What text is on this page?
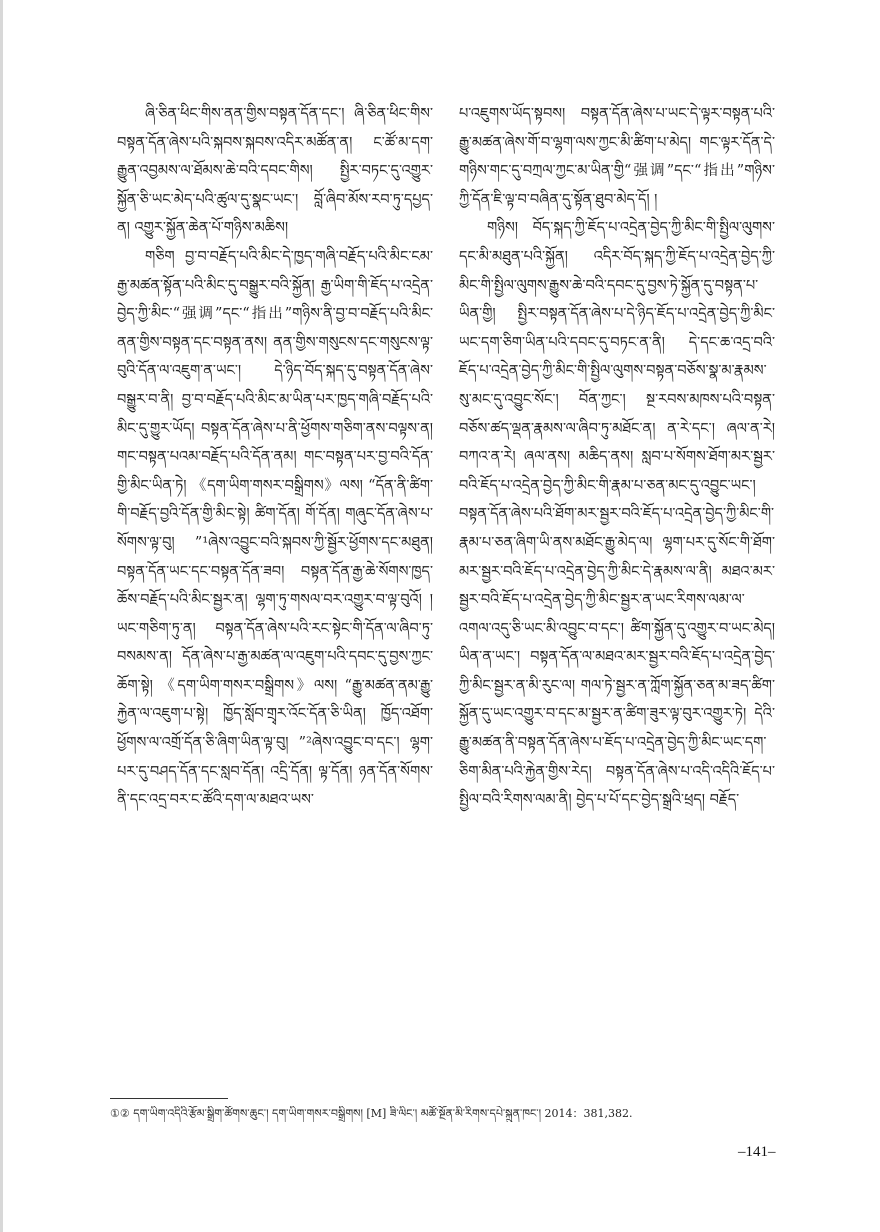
ཞི་ཅིན་ཕིང་གིས་ནན་གྱིས་བསྟན་དོན་དང་། ཞི་ཅིན་ཕིང་གིས་བསྟན་དོན་ཞེས་པའི་སྐབས་སྐབས་འདིར་མཚོན་ན། ང་ཚོ་མ་དག་རྒྱུན་འབྱམས་ལ་ཐོམས་ཆེ་བའི་དབང་གིས། སྤྱིར་བཏང་དུ་འགྱུར་སྐྱོན་ཅི་ཡང་མེད་པའི་ཚུལ་དུ་སྣང་ཡང་། བློ་ཞིབ་མོས་རབ་ཏུ་དཔྱད་ན། འགྱུར་སྐྱོན་ཆེན་པོ་གཉིས་མཆིས།

གཅིག བྱ་བ་བརྗོད་པའི་མིང་དེ་ཁྱད་གཞི་བརྗོད་པའི་མིང་ངམ་རྒྱ་མཚན་སྟོན་པའི་མིང་དུ་བསྒྱུར་བའི་སྐྱོན། རྒྱ་ཡིག་གི་ཇོད་པ་འདྲེན་བྱེད་ཀྱི་མིང་“强调”དང་“指出”གཉིས་ནི་བྱ་བ་བརྗོད་པའི་མིང་ནན་གྱིས་བསྟན་དང་བསྟན་ནས། ནན་གྱིས་གསུངས་དང་གསུངས་ལྟ་བུའི་དོན་ལ་འཇུག་ན་ཡང་། དེ་ཉིད་བོད་སྐད་དུ་བསྟན་དོན་ཞེས་བསྒྱུར་བ་ནི། བྱ་བ་བརྗོད་པའི་མིང་མ་ཡིན་པར་ཁྱད་གཞི་བརྗོད་པའི་མིང་དུ་གྱུར་ཡོད། བསྟན་དོན་ཞེས་པ་ནི་ཕྱོགས་གཅིག་ནས་བལྟས་ན། གང་བསྟན་པའམ་བརྗོད་པའི་དོན་ནམ། གང་བསྟན་པར་བྱ་བའི་དོན་གྱི་མིང་ཡིན་ཏེ། 《དག་ཡིག་གསར་བསྒྲིགས》ལས། “དོན་ནི་ཚིག་གི་བརྗོད་བྱའི་དོན་གྱི་མིང་སྟེ། ཚིག་དོན། གོ་དོན། གཞུང་དོན་ཞེས་པ་སོགས་ལྟ་བུ། ”¹ཞེས་འབྱུང་བའི་སྐབས་ཀྱི་སྦྱོར་ཕྱོགས་དང་མཐུན། བསྟན་དོན་ཡང་དང་བསྟན་དོན་ཟབ། བསྟན་དོན་རྒྱ་ཆེ་སོགས་ཁྱད་ཆོས་བརྗོད་པའི་མིང་སྦྱར་ན། ལྷག་ཏུ་གསལ་བར་འགྱུར་བ་ལྟ་བུའོ། །ཡང་གཅིག་ཏུ་ན། བསྟན་དོན་ཞེས་པའི་རང་སྟེང་གི་དོན་ལ་ཞིབ་ཏུ་བསམས་ན། དོན་ཞེས་པ་རྒྱ་མཚན་ལ་འཇུག་པའི་དབང་དུ་བྱས་ཀྱང་ཆོག་སྟེ། 《དག་ཡིག་གསར་བསྒྲིགས》ལས། “རྒྱུ་མཚན་ནམ་རྒྱུ་རྐྱེན་ལ་འཇུག་པ་སྟེ། ཁྱོད་སློབ་གྲྭར་འོང་དོན་ཅི་ཡིན། ཁྱོད་འཐོག་ཕྱོགས་ལ་འགྲོ་དོན་ཅི་ཞིག་ཡིན་ལྟ་བུ། ”²ཞེས་འབྱུང་བ་དང་། ལྷག་པར་དུ་བཤད་དོན་དང་སླབ་དོན། འདྲི་དོན། ལྟ་དོན། ཉན་དོན་སོགས་ནི་དང་འདྲ་བར་ང་ཚོའི་དག་ལ་མཐའ་ཡས་

པ་འཇུགས་ཡོད་སྟབས། བསྟན་དོན་ཞེས་པ་ཡང་དེ་ལྟར་བསྟན་པའི་རྒྱུ་མཚན་ཞེས་གོ་བ་ལྷག་ལས་ཀྱང་མི་ཚིག་པ་མེད། གང་ལྟར་དོན་དེ་གཉིས་གང་དུ་བཀྲལ་ཀྱང་མ་ཡིན་གྱི“强调”དང་“指出”གཉིས་ཀྱི་དོན་ཇི་ལྟ་བ་བཞིན་དུ་སྟོན་ཐུབ་མེད་དོ། །

གཉིས། བོད་སྐད་ཀྱི་ཇོད་པ་འདྲེན་བྱེད་ཀྱི་མིང་གི་སྤྱིལ་ལུགས་དང་མི་མཐུན་པའི་སྐྱོན། འདིར་བོད་སྐད་ཀྱི་ཇོད་པ་འདྲེན་བྱེད་ཀྱི་མིང་གི་སྤྱིལ་ལུགས་རྒྱུས་ཆེ་བའི་དབང་དུ་བྱས་ཏེ་སྐྱོན་དུ་བསྟན་པ་ཡིན་གྱི། སྤྱིར་བསྟན་དོན་ཞེས་པ་དེ་ཉིད་ཇོད་པ་འདྲེན་བྱེད་ཀྱི་མིང་ཡང་དག་ཅིག་ཡིན་པའི་དབང་དུ་བཏང་ན་ནི། དེ་དང་ཆ་འདྲ་བའི་ཇོད་པ་འདྲེན་བྱེད་ཀྱི་མིང་གི་སྤྱིལ་ལུགས་བསྟན་བཅོས་སྣ་མ་རྣམས་སུ་མང་དུ་འབྱུང་སོང་། བོན་ཀྱང་། སྔ་རབས་མཁས་པའི་བསྟན་བཅོས་ཚད་ལྡན་རྣམས་ལ་ཞིབ་ཏུ་མཐོང་ན། ན་རེ་དང་། ཞལ་ན་རེ། བཀའ་ན་རེ། ཞལ་ནས། མཆིད་ནས། སླབ་པ་སོགས་ཐོག་མར་སྦྱར་བའི་ཇོད་པ་འདྲེན་བྱེད་ཀྱི་མིང་གི་རྣམ་པ་ཅན་མང་དུ་འབྱུང་ཡང་། བསྟན་དོན་ཞེས་པའི་ཐོག་མར་སྦྱར་བའི་ཇོད་པ་འདྲེན་བྱེད་ཀྱི་མིང་གི་རྣམ་པ་ཅན་ཞིག་ཡི་ནས་མཐོང་རྒྱུ་མེད་ལ། ལྷག་པར་དུ་སོང་གི་ཐོག་མར་སྦྱར་བའི་ཇོད་པ་འདྲེན་བྱེད་ཀྱི་མིང་དེ་རྣམས་ལ་ནི། མཐའ་མར་སྦྱར་བའི་ཇོད་པ་འདྲེན་བྱེད་ཀྱི་མིང་སྦྱར་ན་ཡང་རིགས་ལམ་ལ་འགལ་འདུ་ཅི་ཡང་མི་འབྱུང་བ་དང་། ཚིག་སྐྱོན་དུ་འགྱུར་བ་ཡང་མེད། ཡིན་ན་ཡང་། བསྟན་དོན་ལ་མཐའ་མར་སྦྱར་བའི་ཇོད་པ་འདྲེན་བྱེད་ཀྱི་མིང་སྦྱར་ན་མི་རུང་ལ། གལ་ཏེ་སྦྱར་ན་ཀློག་སྐྱོན་ཅན་མ་ཟད་ཚིག་སྐྱོན་དུ་ཡང་འགྱུར་བ་དང་མ་སྦྱར་ན་ཚིག་ཟུར་ལྟ་བུར་འགྱུར་ཏེ། དེའི་རྒྱུ་མཚན་ནི་བསྟན་དོན་ཞེས་པ་ཇོད་པ་འདྲེན་བྱེད་ཀྱི་མིང་ཡང་དག་ཅིག་མིན་པའི་རྐྱེན་གྱིས་རེད། བསྟན་དོན་ཞེས་པ་འདི་འདིའི་ཇོད་པ་སྤྱིལ་བའི་རིགས་ལམ་ནི། བྱེད་པ་པོ་དང་བྱེད་སྒྲའི་ཕྲད། བརྗོད་

①② དག་ཡིག་འདིའི་རྩོམ་སྒྲིག་ཚོགས་ཆུང་། དག་ཡིག་གསར་བསྒྲིགས། [M] ཟི་ལིང་། མཚོ་སྔོན་མི་རིགས་དཔེ་སྐྲུན་ཁང་། 2014：381,382.
–141–
